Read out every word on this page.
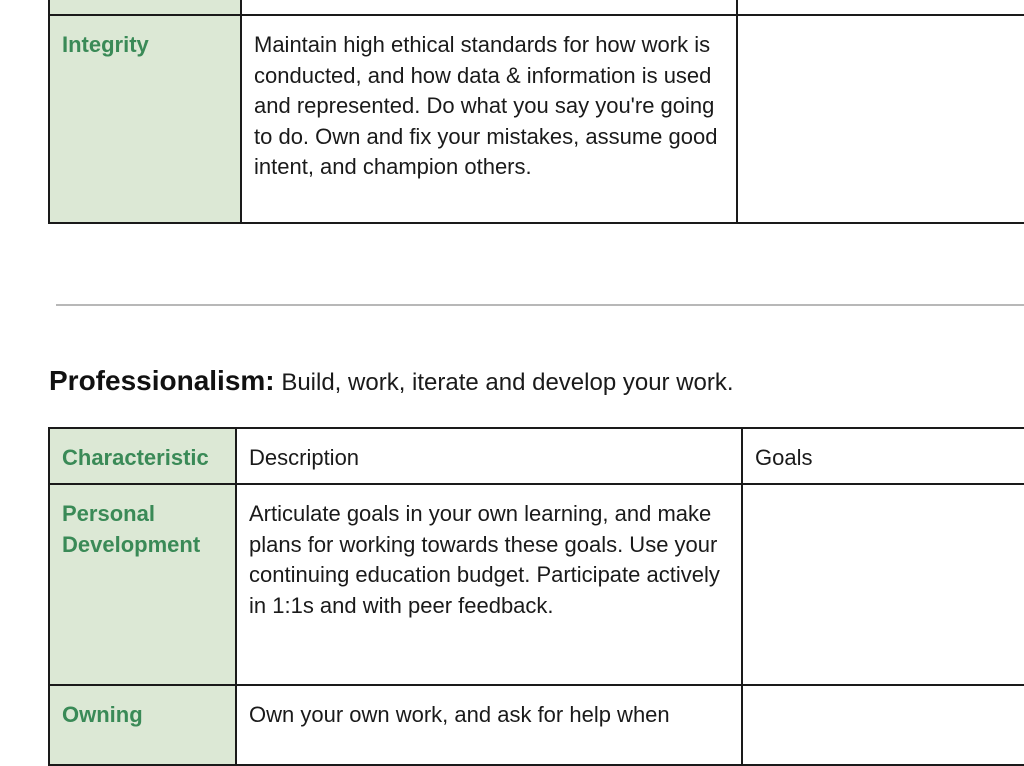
Integrity	Maintain high ethical standards for how work is conducted, and how data & information is used and represented. Do what you say you're going to do. Own and fix your mistakes, assume good intent, and champion others.	

Professionalism: Build, work, iterate and develop your work.
Characteristic	Description	Goals

Personal Development	Articulate goals in your own learning, and make plans for working towards these goals. Use your continuing education budget. Participate actively in 1:1s and with peer feedback.	

Owning	Own your own work, and ask for help when	
